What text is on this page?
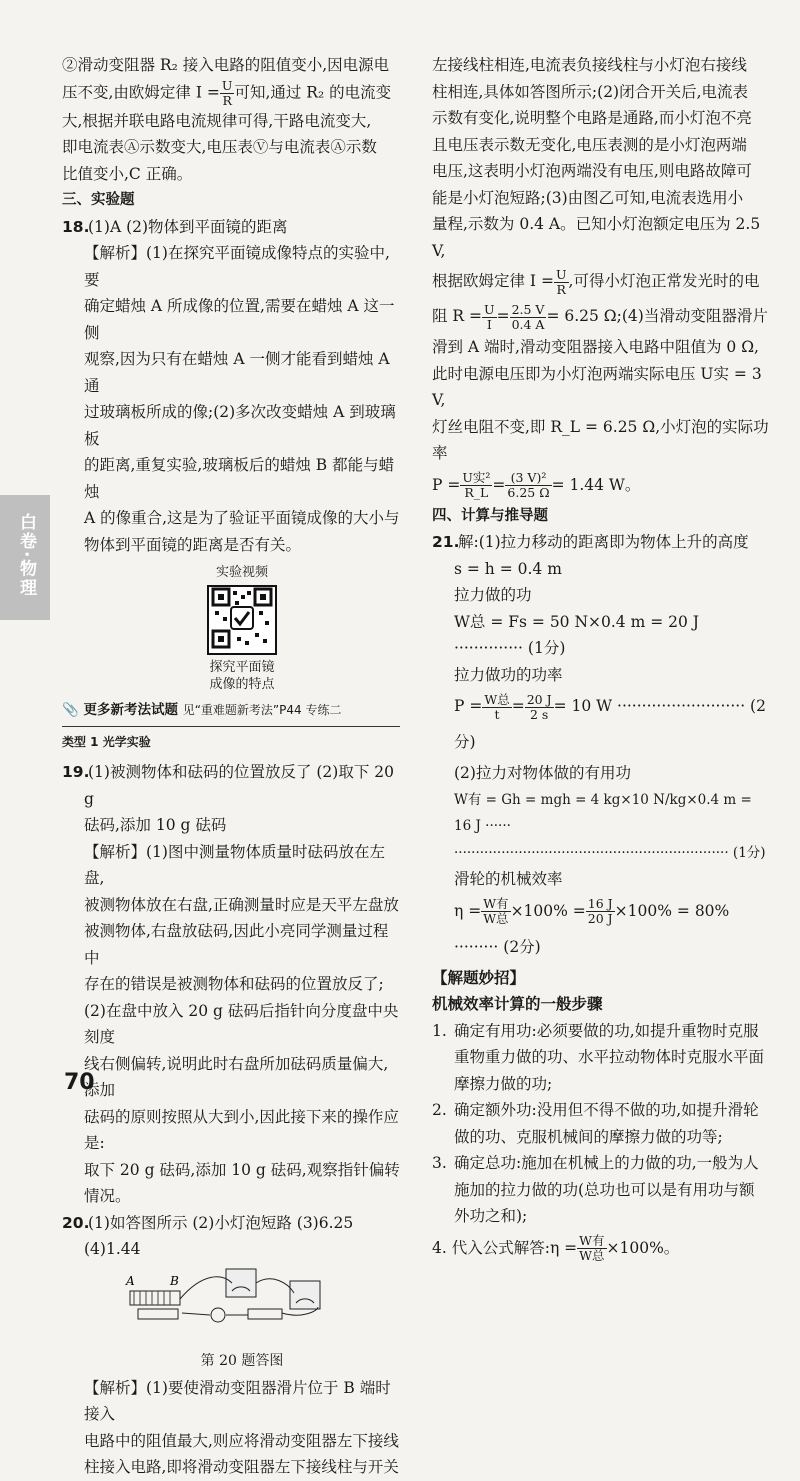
白卷·物理

②滑动变阻器 R₂ 接入电路的阻值变小,因电源电

压不变,由欧姆定律 $I = \frac{U}{R}$ 可知,通过 R₂ 的电流变

大,根据并联电路电流规律可得,干路电流变大,

即电流表Ⓐ示数变大,电压表Ⓥ与电流表Ⓐ示数

比值变小,C 正确。

三、实验题

18.(1)A (2)物体到平面镜的距离

【解析】(1)在探究平面镜成像特点的实验中,要

确定蜡烛 A 所成像的位置,需要在蜡烛 A 这一侧

观察,因为只有在蜡烛 A 一侧才能看到蜡烛 A 通

过玻璃板所成的像;(2)多次改变蜡烛 A 到玻璃板

的距离,重复实验,玻璃板后的蜡烛 B 都能与蜡烛

A 的像重合,这是为了验证平面镜成像的大小与

物体到平面镜的距离是否有关。

实验视频
探究平面镜
成像的特点

📎 更多新考法试题 见“重难题新考法”P44 专练二

类型 1 光学实验

19.(1)被测物体和砝码的位置放反了 (2)取下 20 g

砝码,添加 10 g 砝码

【解析】(1)图中测量物体质量时砝码放在左盘,

被测物体放在右盘,正确测量时应是天平左盘放

被测物体,右盘放砝码,因此小亮同学测量过程中

存在的错误是被测物体和砝码的位置放反了;

(2)在盘中放入 20 g 砝码后指针向分度盘中央刻度

线右侧偏转,说明此时右盘所加砝码质量偏大,添加

砝码的原则按照从大到小,因此接下来的操作应是:

取下 20 g 砝码,添加 10 g 砝码,观察指针偏转情况。

20.(1)如答图所示 (2)小灯泡短路 (3)6.25

(4)1.44

A	B
第 20 题答图

【解析】(1)要使滑动变阻器滑片位于 B 端时接入

电路中的阻值最大,则应将滑动变阻器左下接线

柱接入电路,即将滑动变阻器左下接线柱与开关

左接线柱相连,电流表负接线柱与小灯泡右接线

柱相连,具体如答图所示;(2)闭合开关后,电流表

示数有变化,说明整个电路是通路,而小灯泡不亮

且电压表示数无变化,电压表测的是小灯泡两端

电压,这表明小灯泡两端没有电压,则电路故障可

能是小灯泡短路;(3)由图乙可知,电流表选用小

量程,示数为 0.4 A。已知小灯泡额定电压为 2.5 V,

根据欧姆定律 $I = \frac{U}{R}$ ,可得小灯泡正常发光时的电

阻 $R = \frac{U}{I} = \frac{2.5 V}{0.4 A} = 6.25$ Ω;(4)当滑动变阻器滑片

滑到 A 端时,滑动变阻器接入电路中阻值为 0 Ω,

此时电源电压即为小灯泡两端实际电压 U实 = 3 V,

灯丝电阻不变,即 R_L = 6.25 Ω,小灯泡的实际功率

$P = \frac{\text{U实²}}{R\_L} = \frac{\text{(3 V)²}}{6.25 \Omega} = 1.44$ W。

四、计算与推导题

21.解:(1)拉力移动的距离即为物体上升的高度

s = h = 0.4 m

拉力做的功

W总 = Fs = 50 N×0.4 m = 20 J ·············· (1分)

拉力做功的功率

$P = \frac{\text{W总}}{t} = \frac{20 J}{2 s} = 10$ W ·························· (2分)

(2)拉力对物体做的有用功

W有 = Gh = mgh = 4 kg×10 N/kg×0.4 m = 16 J ······

································································ (1分)

滑轮的机械效率

$\eta = \frac{\text{W有}}{\text{W总}} \times 100\% = \frac{16 J}{20 J} \times 100\% = 80\%$ ········· (2分)

【解题妙招】

机械效率计算的一般步骤

1. 确定有用功:必须要做的功,如提升重物时克服重物重力做的功、水平拉动物体时克服水平面摩擦力做的功;

2. 确定额外功:没用但不得不做的功,如提升滑轮做的功、克服机械间的摩擦力做的功等;

3. 确定总功:施加在机械上的力做的功,一般为人施加的拉力做的功(总功也可以是有用功与额外功之和);

4. 代入公式解答:η = $\frac{\text{W有}}{\text{W总}} \times 100\%$。

70
